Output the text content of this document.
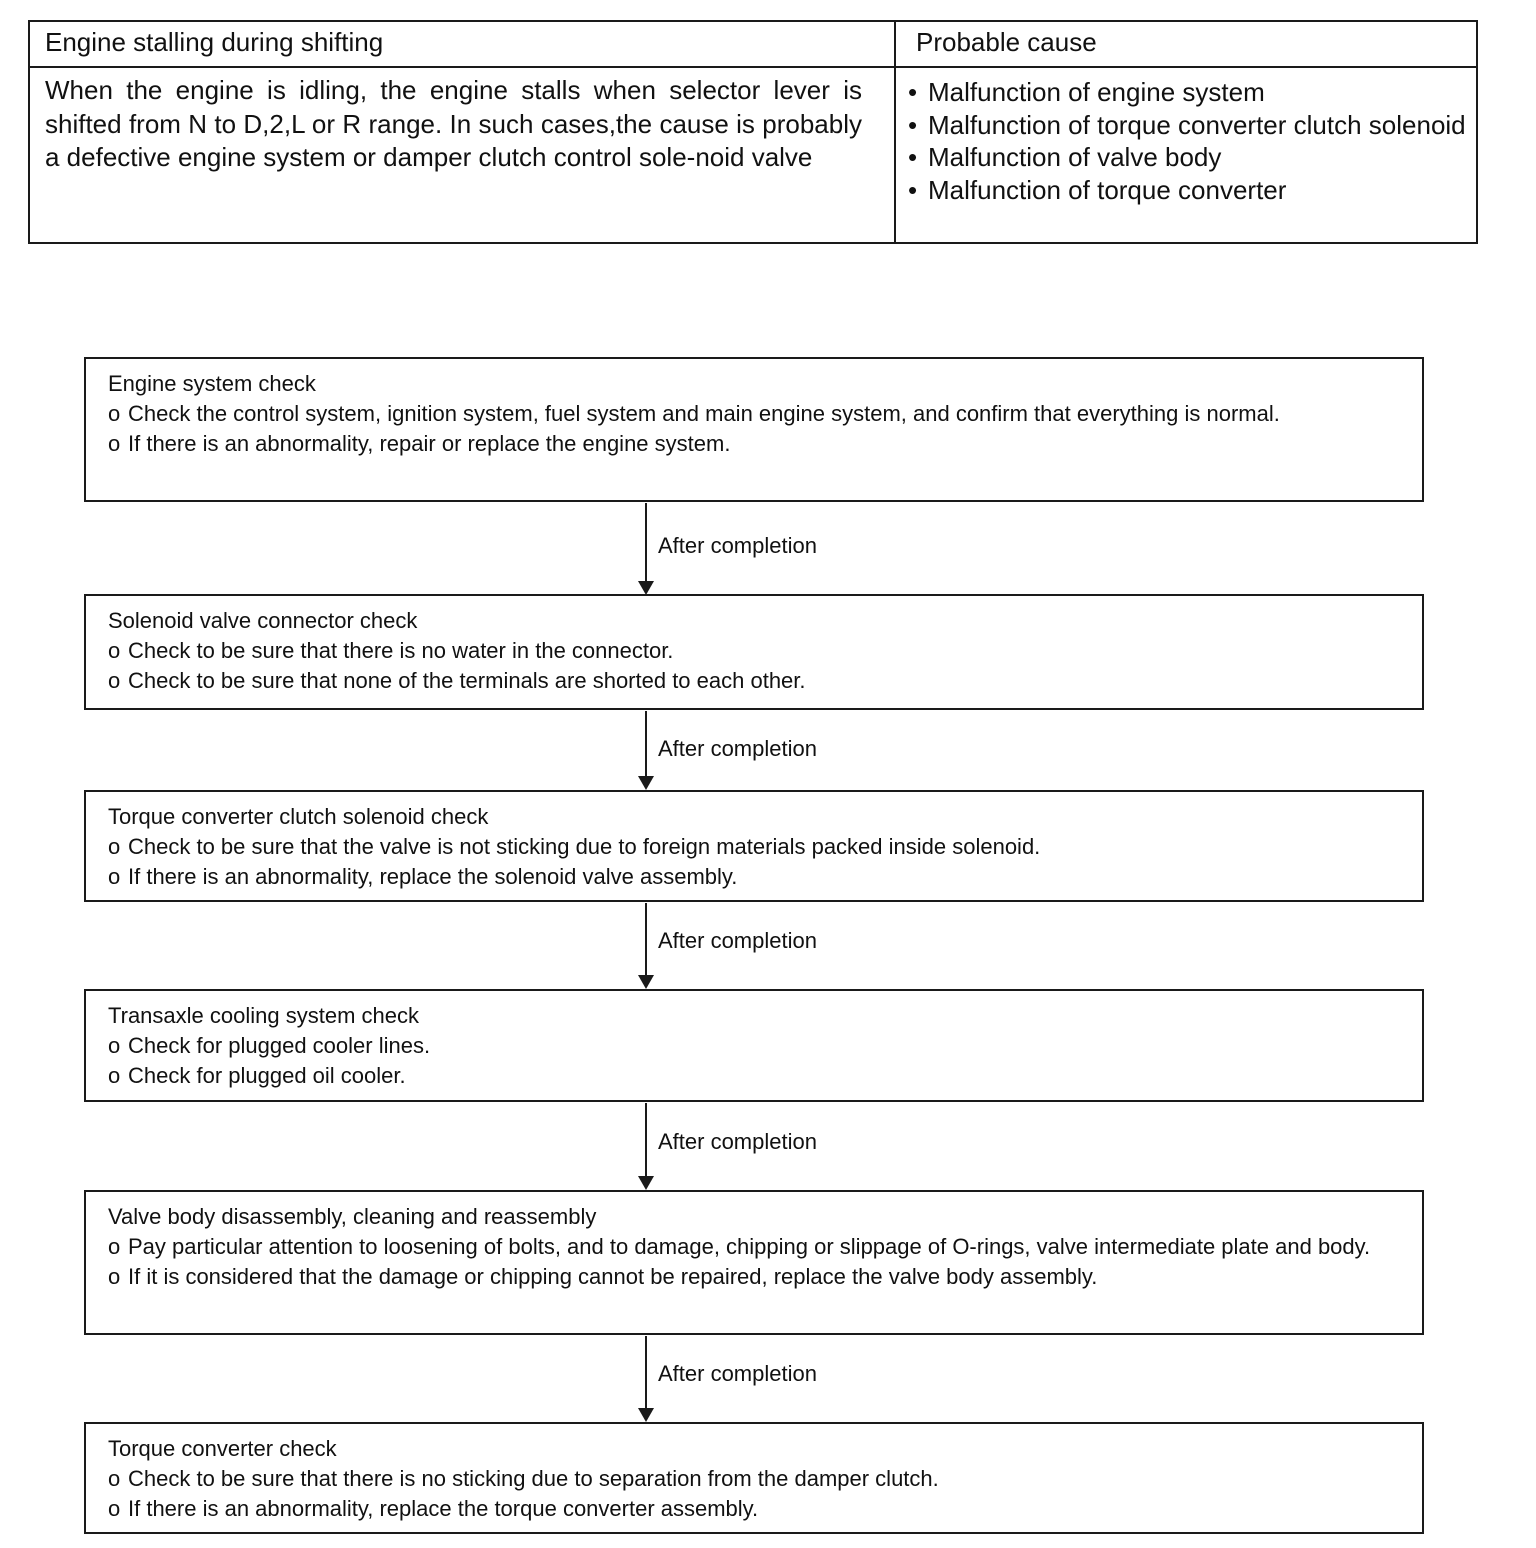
Engine stalling during shifting
When the engine is idling, the engine stalls when selector lever is shifted from N to D,2,L or R range. In such cases,the cause is probably a defective engine system or damper clutch control sole-noid valve
Probable cause
• Malfunction of engine system
• Malfunction of torque converter clutch solenoid
• Malfunction of valve body
• Malfunction of torque converter
Engine system check
o Check the control system, ignition system, fuel system and main engine system, and confirm that everything is normal.
o If there is an abnormality, repair or replace the engine system.
After completion
Solenoid valve connector check
o Check to be sure that there is no water in the connector.
o Check to be sure that none of the terminals are shorted to each other.
After completion
Torque converter clutch solenoid check
o Check to be sure that the valve is not sticking due to foreign materials packed inside solenoid.
o If there is an abnormality, replace the solenoid valve assembly.
After completion
Transaxle cooling system check
o Check for plugged cooler lines.
o Check for plugged oil cooler.
After completion
Valve body disassembly, cleaning and reassembly
o Pay particular attention to loosening of bolts, and to damage, chipping or slippage of O-rings, valve intermediate plate and body.
o If it is considered that the damage or chipping cannot be repaired, replace the valve body assembly.
After completion
Torque converter check
o Check to be sure that there is no sticking due to separation from the damper clutch.
o If there is an abnormality, replace the torque converter assembly.
